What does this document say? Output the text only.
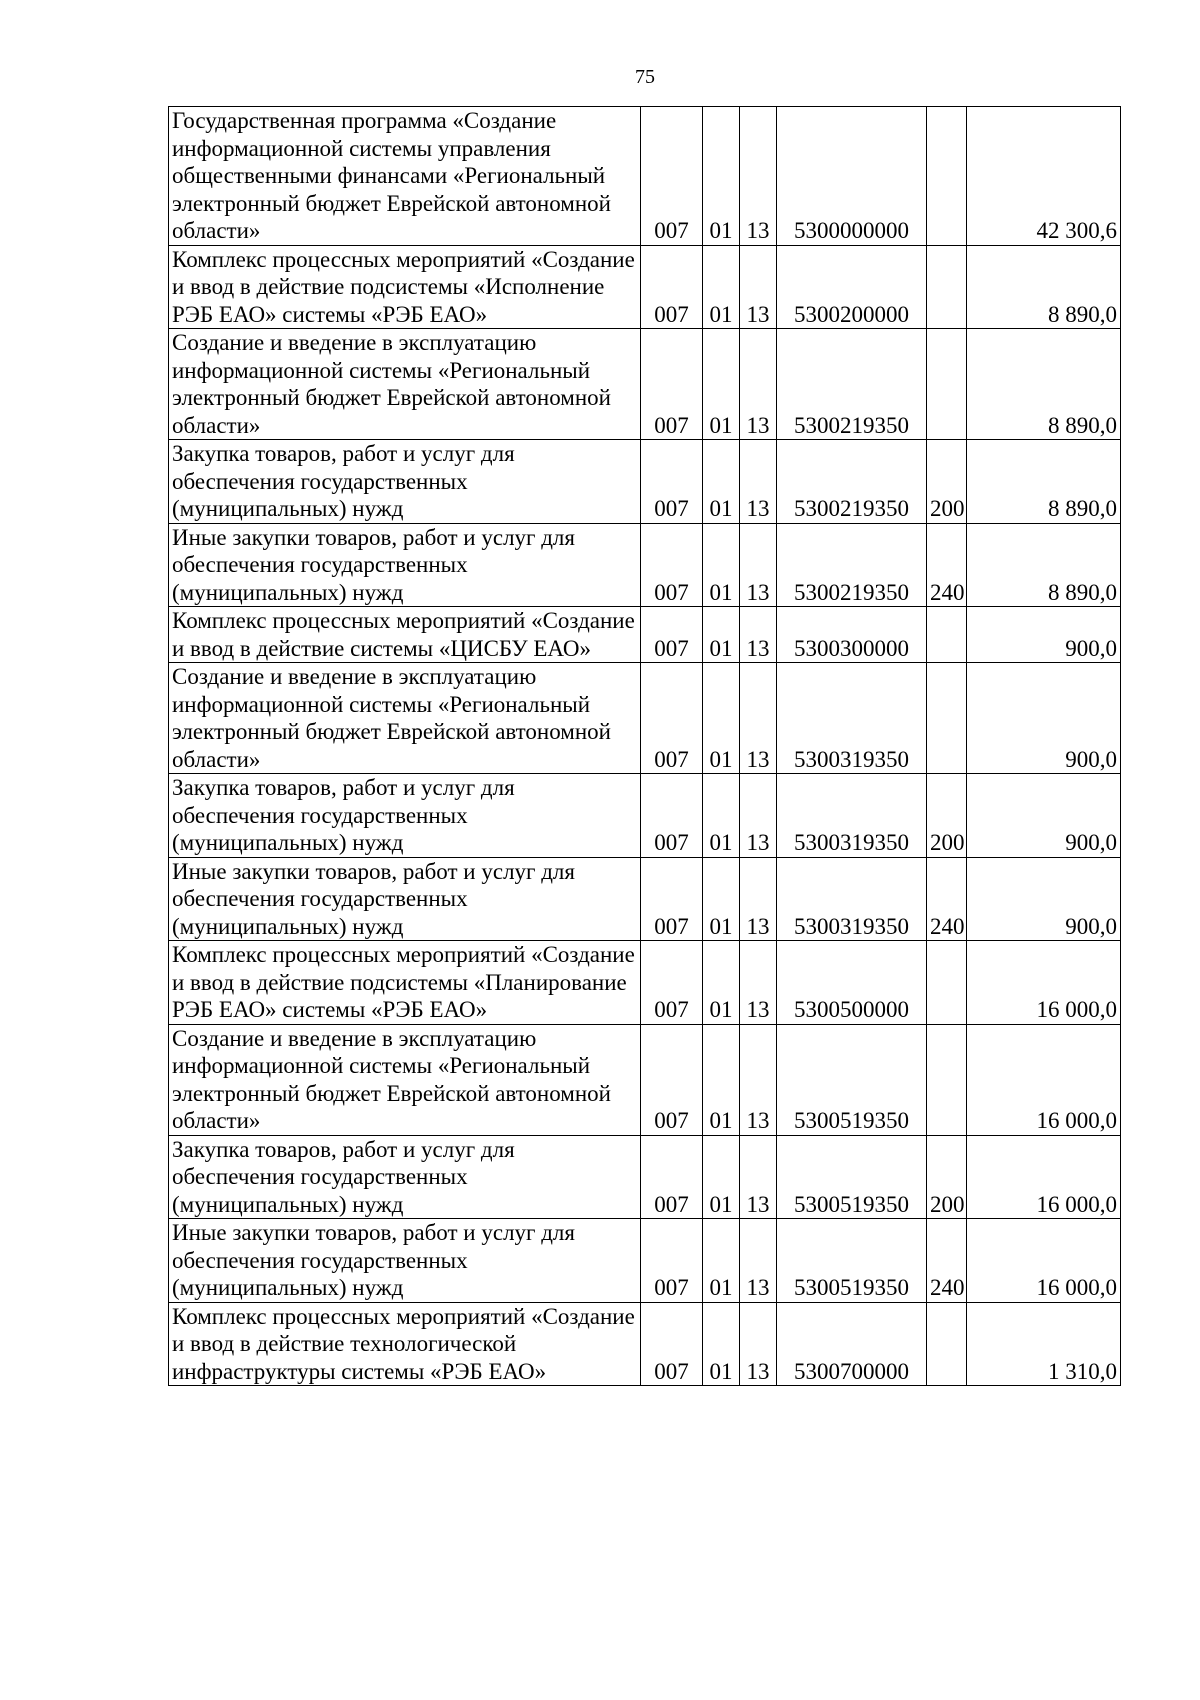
75
Государственная программа «Создание информационной системы управления общественными финансами «Региональный электронный бюджет Еврейской автономной области»	007	01	13	5300000000		42 300,6
Комплекс процессных мероприятий «Создание и ввод в действие подсистемы «Исполнение РЭБ ЕАО» системы «РЭБ ЕАО»	007	01	13	5300200000		8 890,0
Создание и введение в эксплуатацию информационной системы «Региональный электронный бюджет Еврейской автономной области»	007	01	13	5300219350		8 890,0
Закупка товаров, работ и услуг для обеспечения государственных (муниципальных) нужд	007	01	13	5300219350	200	8 890,0
Иные закупки товаров, работ и услуг для обеспечения государственных (муниципальных) нужд	007	01	13	5300219350	240	8 890,0
Комплекс процессных мероприятий «Создание и ввод в действие системы «ЦИСБУ ЕАО»	007	01	13	5300300000		900,0
Создание и введение в эксплуатацию информационной системы «Региональный электронный бюджет Еврейской автономной области»	007	01	13	5300319350		900,0
Закупка товаров, работ и услуг для обеспечения государственных (муниципальных) нужд	007	01	13	5300319350	200	900,0
Иные закупки товаров, работ и услуг для обеспечения государственных (муниципальных) нужд	007	01	13	5300319350	240	900,0
Комплекс процессных мероприятий «Создание и ввод в действие подсистемы «Планирование РЭБ ЕАО» системы «РЭБ ЕАО»	007	01	13	5300500000		16 000,0
Создание и введение в эксплуатацию информационной системы «Региональный электронный бюджет Еврейской автономной области»	007	01	13	5300519350		16 000,0
Закупка товаров, работ и услуг для обеспечения государственных (муниципальных) нужд	007	01	13	5300519350	200	16 000,0
Иные закупки товаров, работ и услуг для обеспечения государственных (муниципальных) нужд	007	01	13	5300519350	240	16 000,0
Комплекс процессных мероприятий «Создание и ввод в действие технологической инфраструктуры системы «РЭБ ЕАО»	007	01	13	5300700000		1 310,0
